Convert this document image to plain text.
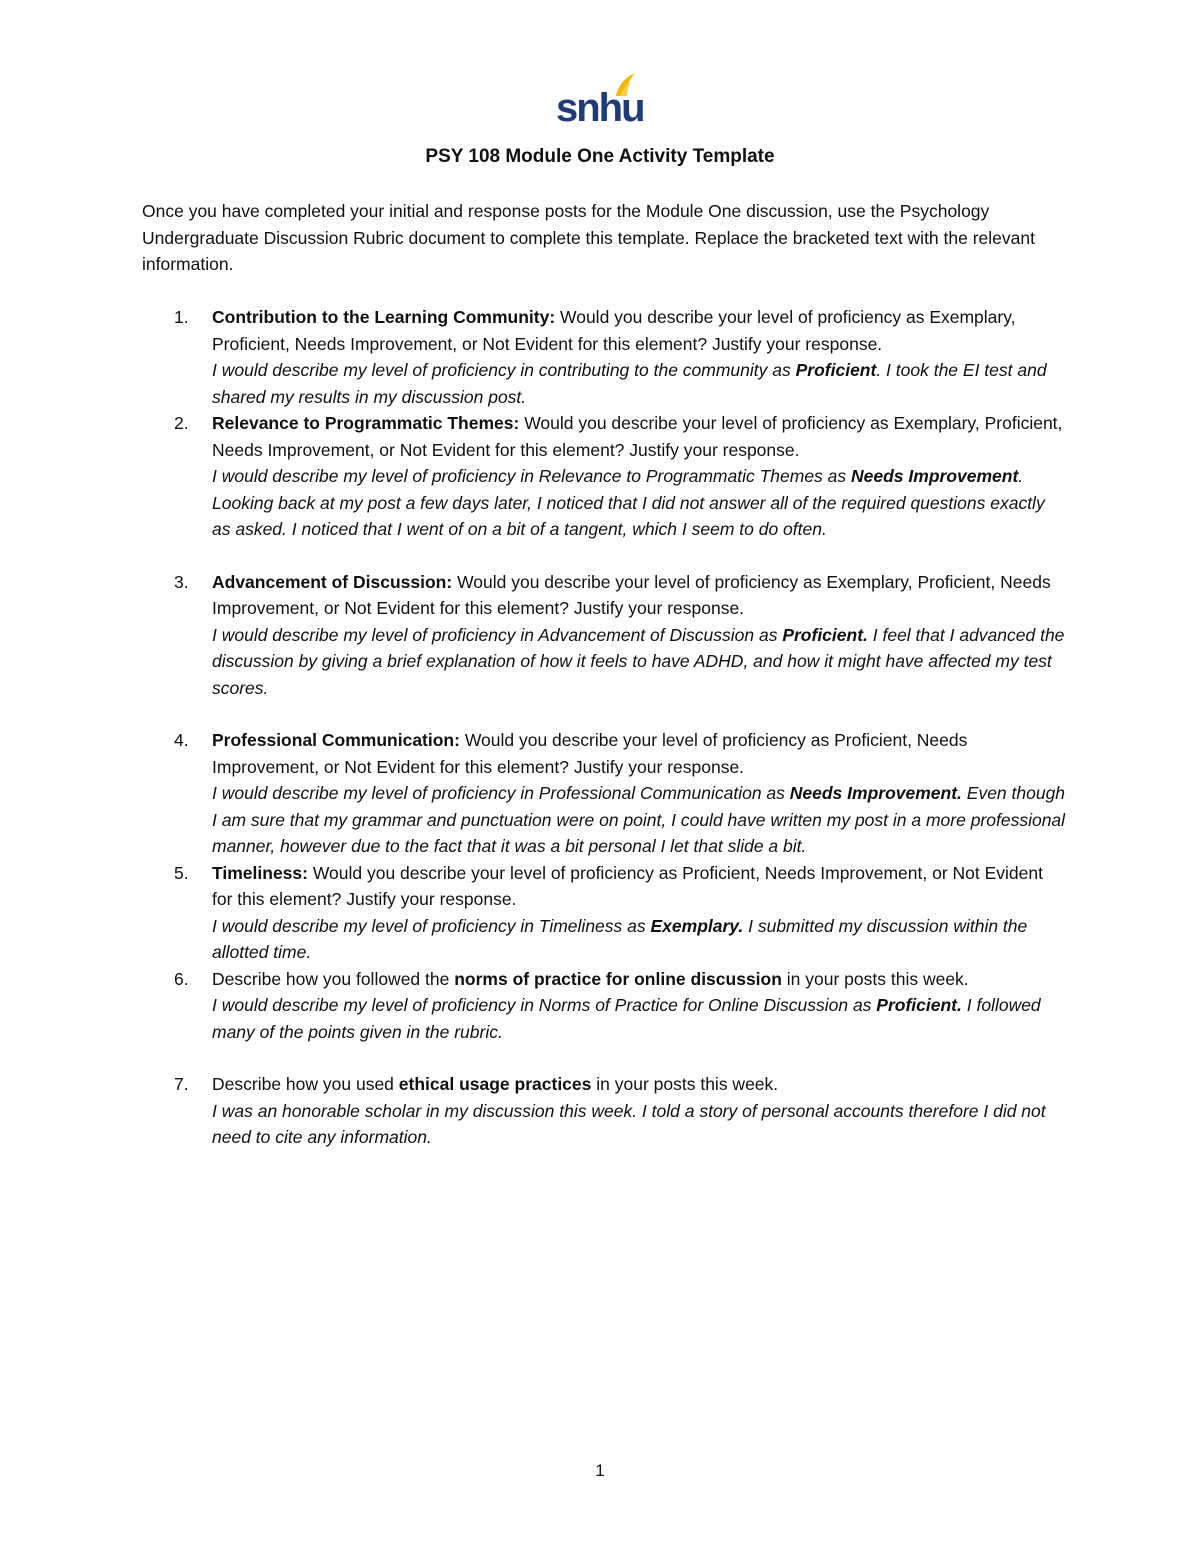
snhu
PSY 108 Module One Activity Template

Once you have completed your initial and response posts for the Module One discussion, use the Psychology Undergraduate Discussion Rubric document to complete this template. Replace the bracketed text with the relevant information.

1. Contribution to the Learning Community: Would you describe your level of proficiency as Exemplary, Proficient, Needs Improvement, or Not Evident for this element? Justify your response.
I would describe my level of proficiency in contributing to the community as Proficient. I took the EI test and shared my results in my discussion post.
2. Relevance to Programmatic Themes: Would you describe your level of proficiency as Exemplary, Proficient, Needs Improvement, or Not Evident for this element? Justify your response.
I would describe my level of proficiency in Relevance to Programmatic Themes as Needs Improvement. Looking back at my post a few days later, I noticed that I did not answer all of the required questions exactly as asked. I noticed that I went of on a bit of a tangent, which I seem to do often.
3. Advancement of Discussion: Would you describe your level of proficiency as Exemplary, Proficient, Needs Improvement, or Not Evident for this element? Justify your response.
I would describe my level of proficiency in Advancement of Discussion as Proficient. I feel that I advanced the discussion by giving a brief explanation of how it feels to have ADHD, and how it might have affected my test scores.
4. Professional Communication: Would you describe your level of proficiency as Proficient, Needs Improvement, or Not Evident for this element? Justify your response.
I would describe my level of proficiency in Professional Communication as Needs Improvement. Even though I am sure that my grammar and punctuation were on point, I could have written my post in a more professional manner, however due to the fact that it was a bit personal I let that slide a bit.
5. Timeliness: Would you describe your level of proficiency as Proficient, Needs Improvement, or Not Evident for this element? Justify your response.
I would describe my level of proficiency in Timeliness as Exemplary. I submitted my discussion within the allotted time.
6. Describe how you followed the norms of practice for online discussion in your posts this week.
I would describe my level of proficiency in Norms of Practice for Online Discussion as Proficient. I followed many of the points given in the rubric.
7. Describe how you used ethical usage practices in your posts this week.
I was an honorable scholar in my discussion this week. I told a story of personal accounts therefore I did not need to cite any information.
1
